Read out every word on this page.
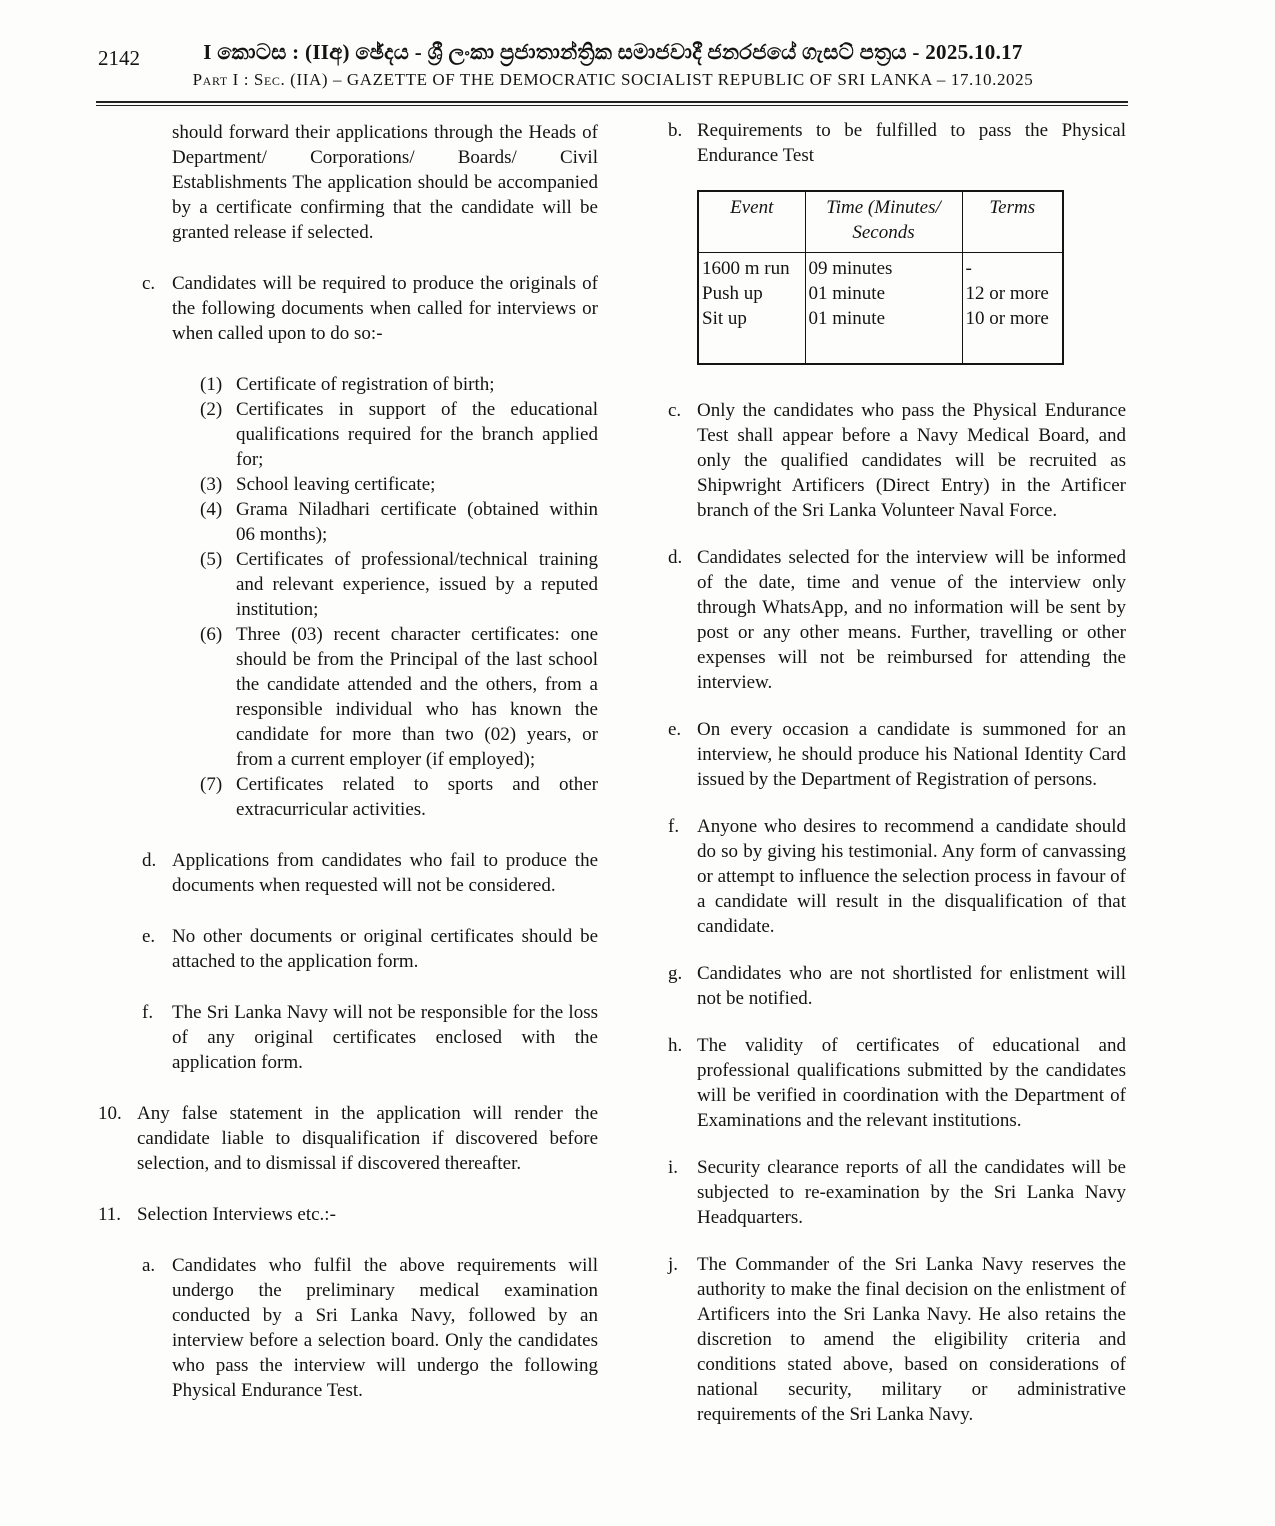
2142	I කොටස : (IIඅ) ඡේදය - ශ්‍රී ලංකා ප්‍රජාතාන්ත්‍රික සමාජවාදී ජනරජයේ ගැසට් පත්‍රය - 2025.10.17
Part I : Sec. (IIA) – GAZETTE OF THE DEMOCRATIC SOCIALIST REPUBLIC OF SRI LANKA – 17.10.2025

should forward their applications through the Heads of Department/ Corporations/ Boards/ Civil Establishments The application should be accompanied by a certificate confirming that the candidate will be granted release if selected.

c. Candidates will be required to produce the originals of the following documents when called for interviews or when called upon to do so:-
(1) Certificate of registration of birth;
(2) Certificates in support of the educational qualifications required for the branch applied for;
(3) School leaving certificate;
(4) Grama Niladhari certificate (obtained within 06 months);
(5) Certificates of professional/technical training and relevant experience, issued by a reputed institution;
(6) Three (03) recent character certificates: one should be from the Principal of the last school the candidate attended and the others, from a responsible individual who has known the candidate for more than two (02) years, or from a current employer (if employed);
(7) Certificates related to sports and other extracurricular activities.
d. Applications from candidates who fail to produce the documents when requested will not be considered.
e. No other documents or original certificates should be attached to the application form.
f. The Sri Lanka Navy will not be responsible for the loss of any original certificates enclosed with the application form.
10. Any false statement in the application will render the candidate liable to disqualification if discovered before selection, and to dismissal if discovered thereafter.
11. Selection Interviews etc.:-
a. Candidates who fulfil the above requirements will undergo the preliminary medical examination conducted by a Sri Lanka Navy, followed by an interview before a selection board. Only the candidates who pass the interview will undergo the following Physical Endurance Test.
b. Requirements to be fulfilled to pass the Physical Endurance Test
Event	Time (Minutes/ Seconds	Terms
1600 m run	09 minutes	-
Push up	01 minute	12 or more
Sit up	01 minute	10 or more
c. Only the candidates who pass the Physical Endurance Test shall appear before a Navy Medical Board, and only the qualified candidates will be recruited as Shipwright Artificers (Direct Entry) in the Artificer branch of the Sri Lanka Volunteer Naval Force.
d. Candidates selected for the interview will be informed of the date, time and venue of the interview only through WhatsApp, and no information will be sent by post or any other means. Further, travelling or other expenses will not be reimbursed for attending the interview.
e. On every occasion a candidate is summoned for an interview, he should produce his National Identity Card issued by the Department of Registration of persons.
f. Anyone who desires to recommend a candidate should do so by giving his testimonial. Any form of canvassing or attempt to influence the selection process in favour of a candidate will result in the disqualification of that candidate.
g. Candidates who are not shortlisted for enlistment will not be notified.
h. The validity of certificates of educational and professional qualifications submitted by the candidates will be verified in coordination with the Department of Examinations and the relevant institutions.
i. Security clearance reports of all the candidates will be subjected to re-examination by the Sri Lanka Navy Headquarters.
j. The Commander of the Sri Lanka Navy reserves the authority to make the final decision on the enlistment of Artificers into the Sri Lanka Navy. He also retains the discretion to amend the eligibility criteria and conditions stated above, based on considerations of national security, military or administrative requirements of the Sri Lanka Navy.
